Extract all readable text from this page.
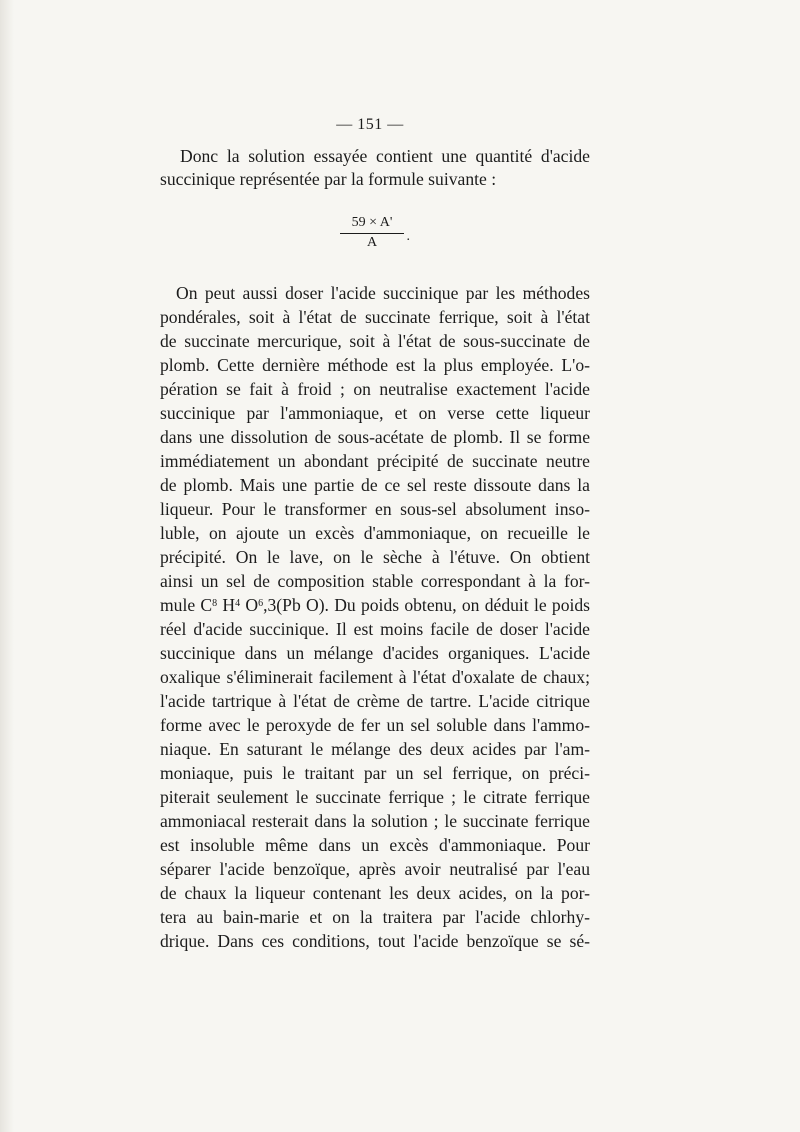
— 151 —
Donc la solution essayée contient une quantité d'acide
succinique représentée par la formule suivante :
On peut aussi doser l'acide succinique par les méthodes
pondérales, soit à l'état de succinate ferrique, soit à l'état
de succinate mercurique, soit à l'état de sous-succinate de
plomb. Cette dernière méthode est la plus employée. L'o-
pération se fait à froid ; on neutralise exactement l'acide
succinique par l'ammoniaque, et on verse cette liqueur
dans une dissolution de sous-acétate de plomb. Il se forme
immédiatement un abondant précipité de succinate neutre
de plomb. Mais une partie de ce sel reste dissoute dans la
liqueur. Pour le transformer en sous-sel absolument inso-
luble, on ajoute un excès d'ammoniaque, on recueille le
précipité. On le lave, on le sèche à l'étuve. On obtient
ainsi un sel de composition stable correspondant à la for-
mule $C^8$ $H^4$ $O^6,3(Pb$ O). Du poids obtenu, on déduit le poids
réel d'acide succinique. Il est moins facile de doser l'acide
succinique dans un mélange d'acides organiques. L'acide
oxalique s'éliminerait facilement à l'état d'oxalate de chaux;
l'acide tartrique à l'état de crème de tartre. L'acide citrique
forme avec le peroxyde de fer un sel soluble dans l'ammo-
niaque. En saturant le mélange des deux acides par l'am-
moniaque, puis le traitant par un sel ferrique, on préci-
piterait seulement le succinate ferrique ; le citrate ferrique
ammoniacal resterait dans la solution ; le succinate ferrique
est insoluble même dans un excès d'ammoniaque. Pour
séparer l'acide benzoïque, après avoir neutralisé par l'eau
de chaux la liqueur contenant les deux acides, on la por-
tera au bain-marie et on la traitera par l'acide chlorhy-
drique. Dans ces conditions, tout l'acide benzoïque se sé-
59 × A'
A	.
